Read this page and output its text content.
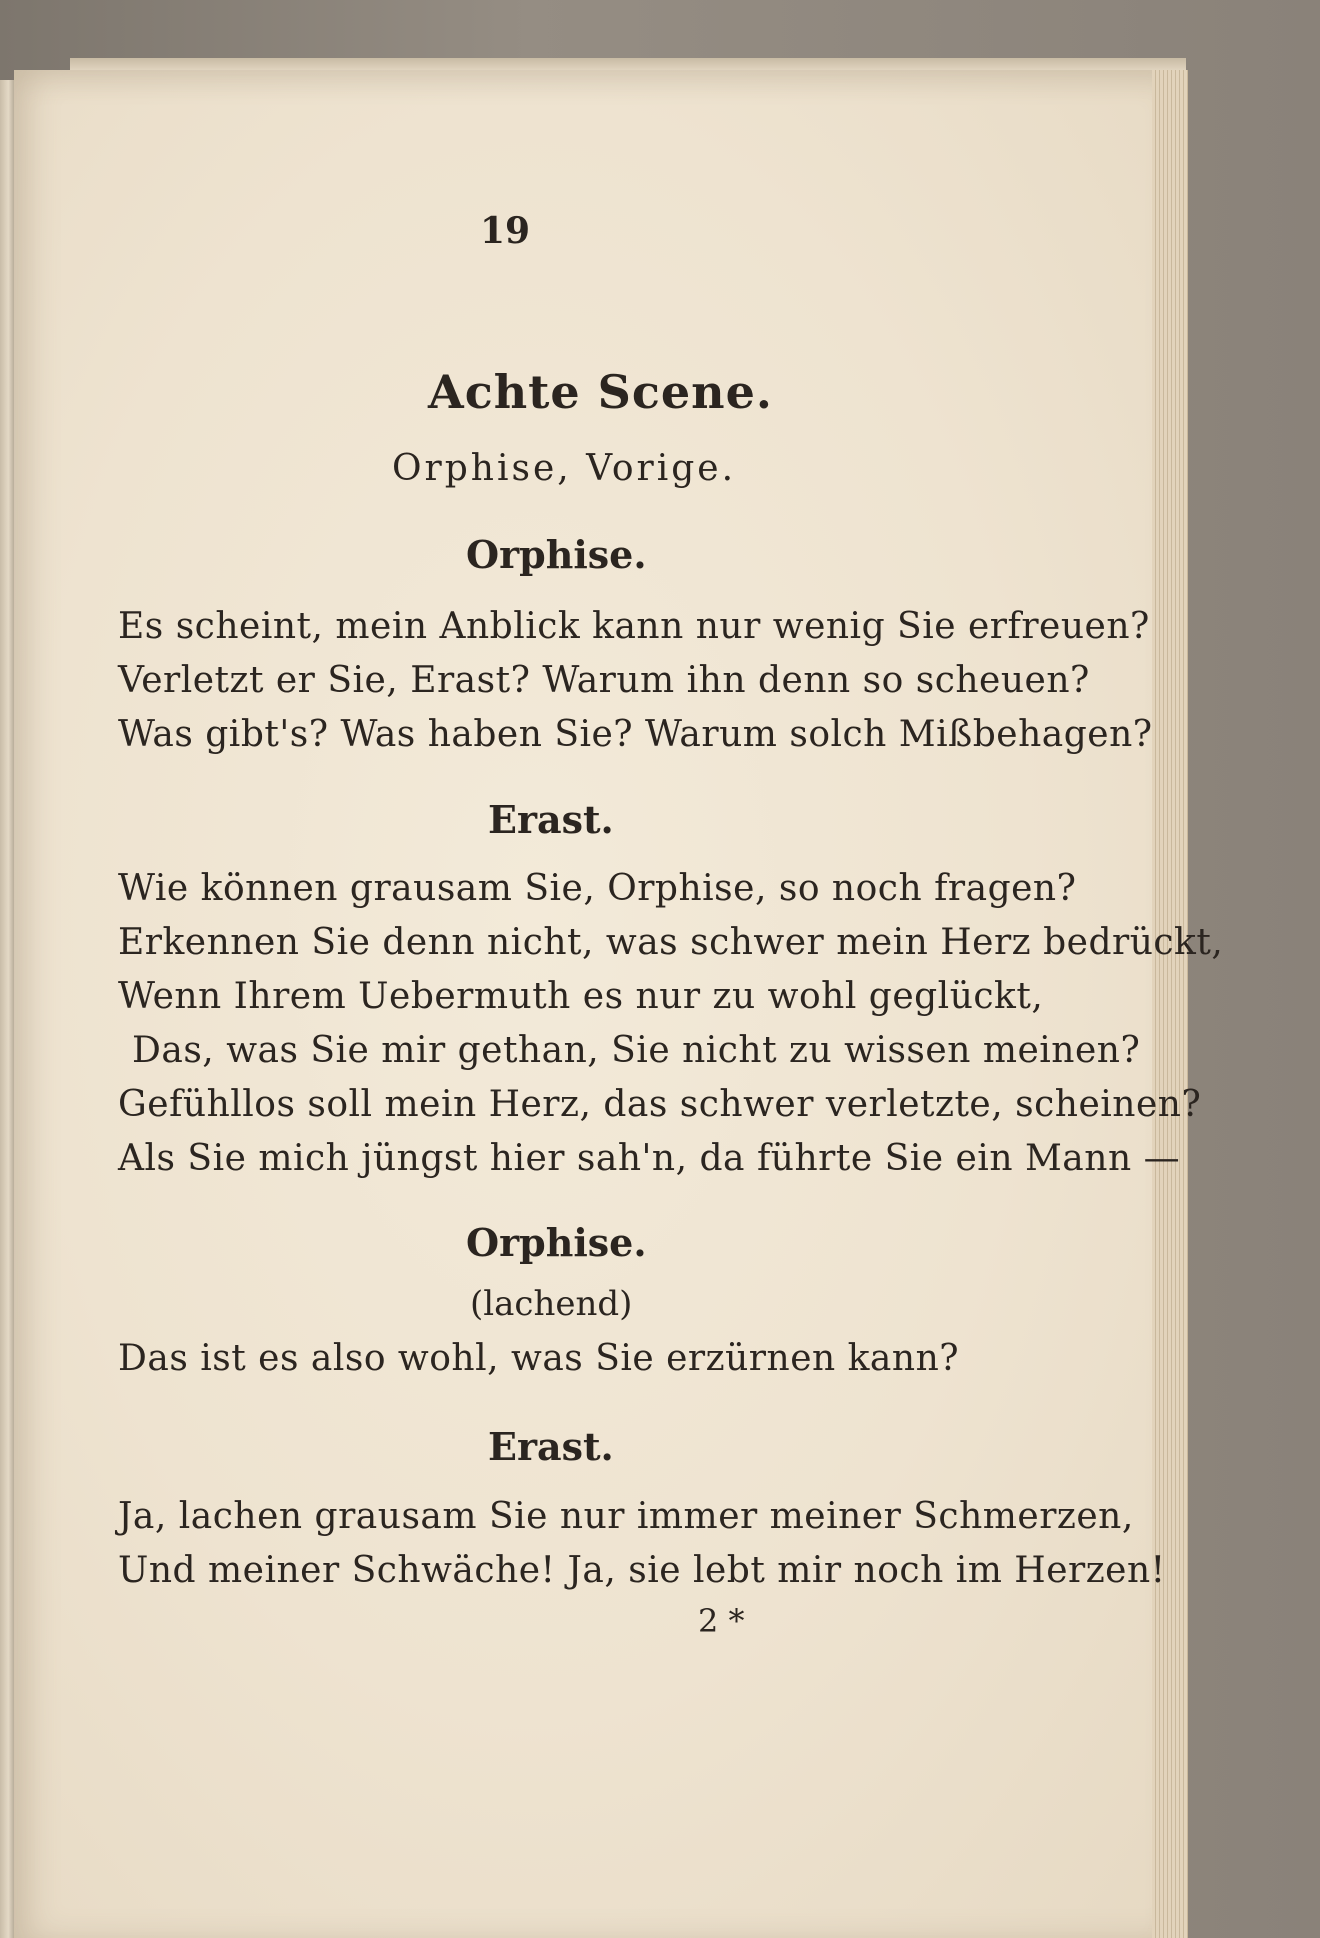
19
Achte Scene.
Orphise, Vorige.
Orphise.
Es scheint, mein Anblick kann nur wenig Sie erfreuen?
Verletzt er Sie, Erast? Warum ihn denn so scheuen?
Was gibt's? Was haben Sie? Warum solch Mißbehagen?
Erast.
Wie können grausam Sie, Orphise, so noch fragen?
Erkennen Sie denn nicht, was schwer mein Herz bedrückt,
Wenn Ihrem Uebermuth es nur zu wohl geglückt,
Das, was Sie mir gethan, Sie nicht zu wissen meinen?
Gefühllos soll mein Herz, das schwer verletzte, scheinen?
Als Sie mich jüngst hier sah'n, da führte Sie ein Mann —
Orphise.
(lachend)
Das ist es also wohl, was Sie erzürnen kann?
Erast.
Ja, lachen grausam Sie nur immer meiner Schmerzen,
Und meiner Schwäche! Ja, sie lebt mir noch im Herzen!
2 *
